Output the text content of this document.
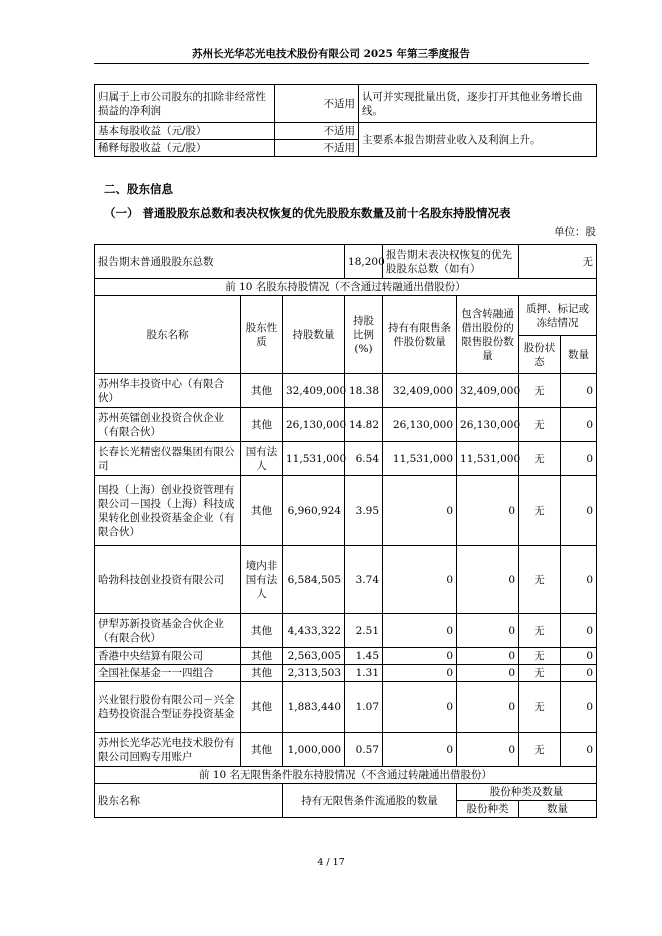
苏州长光华芯光电技术股份有限公司 2025 年第三季度报告
归属于上市公司股东的扣除非经常性损益的净利润	不适用	认可并实现批量出货，逐步打开其他业务增长曲线。
基本每股收益（元/股）	不适用	主要系本报告期营业收入及利润上升。
稀释每股收益（元/股）	不适用	
二、股东信息
（一） 普通股股东总数和表决权恢复的优先股股东数量及前十名股东持股情况表
单位：股
报告期末普通股股东总数			18,200	报告期末表决权恢复的优先股股东总数（如有）		无	
前 10 名股东持股情况（不含通过转融通出借股份）							
股东名称	股东性质	持股数量	持股比例(%)	持有有限售条件股份数量	包含转融通借出股份的限售股份数量	质押、标记或冻结情况	
						股份状态	数量
苏州华丰投资中心（有限合伙）	其他	32,409,000	18.38	32,409,000	32,409,000	无	0
苏州英镭创业投资合伙企业（有限合伙）	其他	26,130,000	14.82	26,130,000	26,130,000	无	0
长春长光精密仪器集团有限公司	国有法人	11,531,000	6.54	11,531,000	11,531,000	无	0
国投（上海）创业投资管理有限公司－国投（上海）科技成果转化创业投资基金企业（有限合伙）	其他	6,960,924	3.95	0	0	无	0
哈勃科技创业投资有限公司	境内非国有法人	6,584,505	3.74	0	0	无	0
伊犁苏新投资基金合伙企业（有限合伙）	其他	4,433,322	2.51	0	0	无	0
香港中央结算有限公司	其他	2,563,005	1.45	0	0	无	0
全国社保基金一一四组合	其他	2,313,503	1.31	0	0	无	0
兴业银行股份有限公司－兴全趋势投资混合型证券投资基金	其他	1,883,440	1.07	0	0	无	0
苏州长光华芯光电技术股份有限公司回购专用账户	其他	1,000,000	0.57	0	0	无	0
前 10 名无限售条件股东持股情况（不含通过转融通出借股份）							
股东名称		持有无限售条件流通股的数量			股份种类及数量		
					股份种类	数量	
4 / 17
